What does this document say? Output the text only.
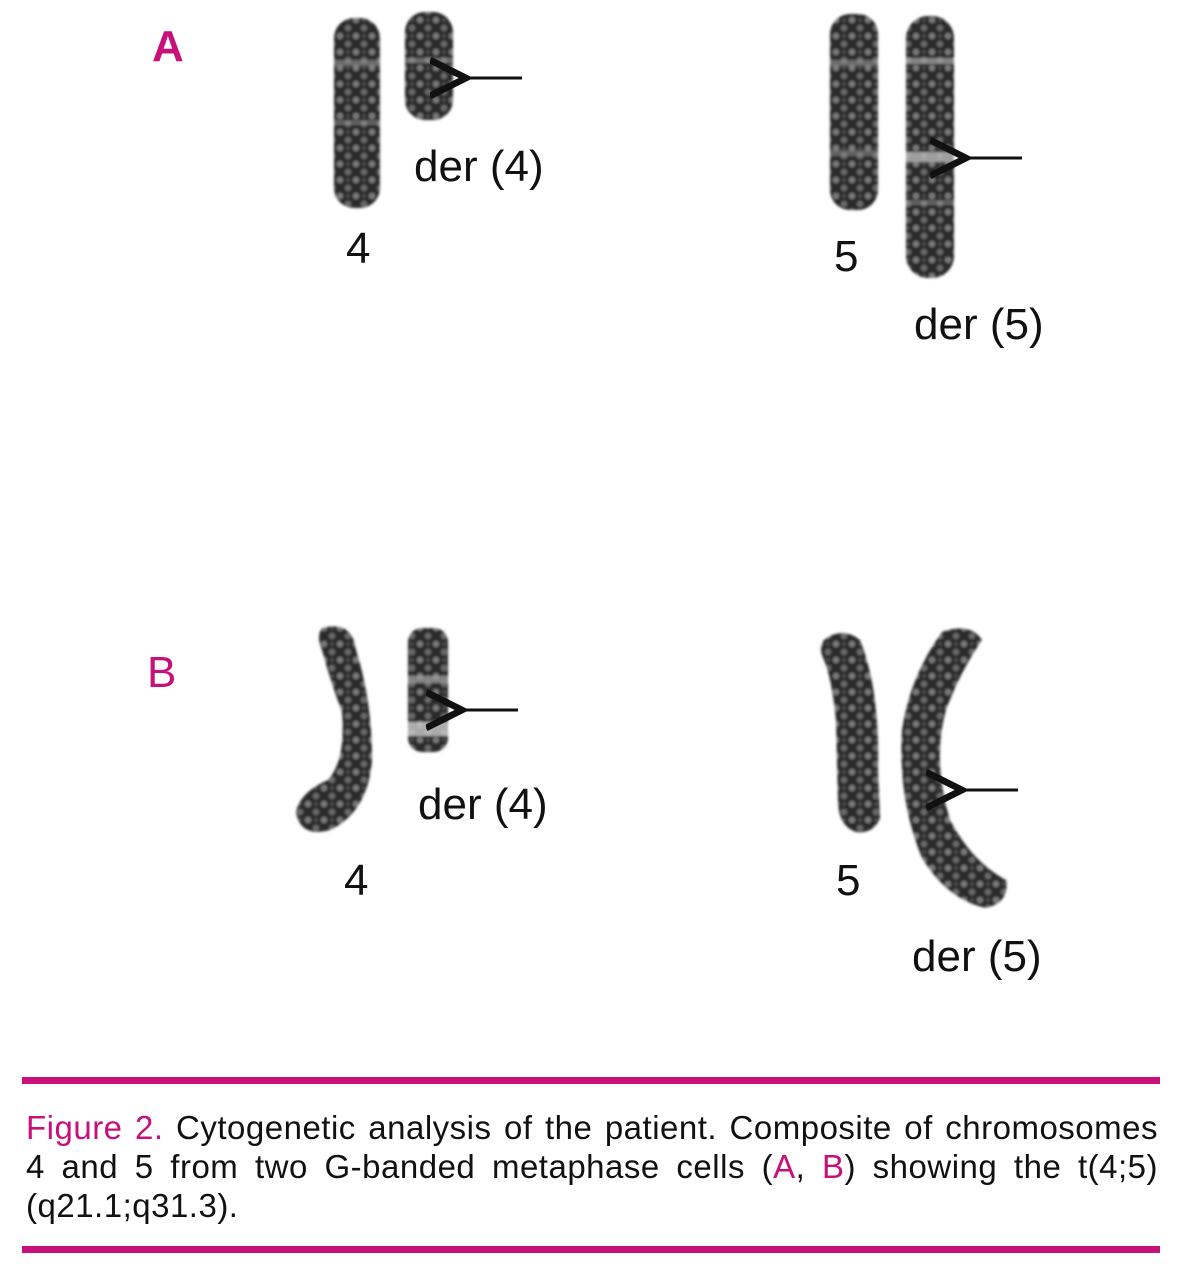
A
B
der (4)
4	5
der (5)
der (4)
4	5
der (5)
Figure 2. Cytogenetic analysis of the patient. Composite of chromosomes 4 and 5 from two G-banded metaphase cells (A, B) showing the t(4;5)(q21.1;q31.3).
